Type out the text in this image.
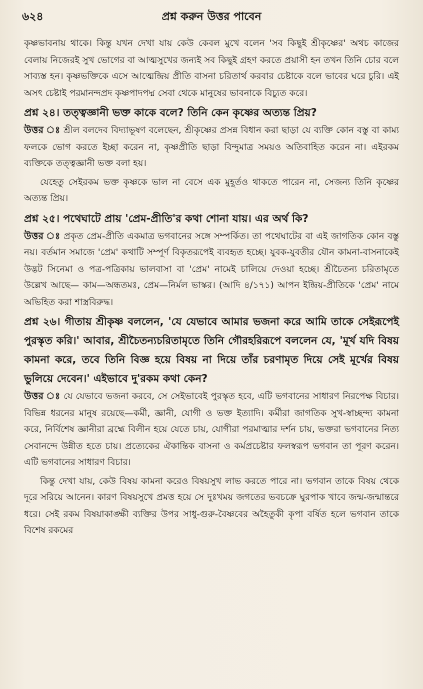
৬২৪	প্রশ্ন করুন উত্তর পাবেন

কৃষ্ণভাবনায় থাকে। কিন্তু যখন দেখা যায় কেউ কেবল মুখে বলেন 'সব কিছুই শ্রীকৃষ্ণের' অথচ কাজের বেলায় নিজেরই সুখ ভোগের বা আত্মসুখের জন্যই সব কিছুই গ্রহণ করতে প্রয়াসী হন তখন তিনি চোর বলে সাব্যস্ত হন। কৃষ্ণভক্তিকে এসে আত্মেন্দ্রিয় প্রীতি বাসনা চরিতার্থ করবার চেষ্টাকে বলে ভাবের ঘরে চুরি। এই অসৎ চেষ্টাই পরমানন্দপ্রদ কৃষ্ণপাদপদ্ম সেবা থেকে মানুষের ভাবনাকে বিচ্যুত করে।

প্রশ্ন ২৪। তত্ত্বজ্ঞানী ভক্ত কাকে বলে? তিনি কেন কৃষ্ণের অত্যন্ত প্রিয়?

উত্তর ঃ শ্রীল বলদেব বিদ্যাভূষণ বলেছেন, শ্রীকৃষ্ণের প্রসন্ন বিধান করা ছাড়া যে ব্যক্তি কোন বস্তু বা কাম্য ফলকে ভোগ করতে ইচ্ছা করেন না, কৃষ্ণপ্রীতি ছাড়া বিন্দুমাত্র সময়ও অতিবাহিত করেন না। এইরকম ব্যক্তিকে তত্ত্বজ্ঞানী ভক্ত বলা হয়।

যেহেতু সেইরকম ভক্ত কৃষ্ণকে ভাল না বেসে এক মুহূর্তও থাকতে পারেন না, সেজন্য তিনি কৃষ্ণের অত্যন্ত প্রিয়।

প্রশ্ন ২৫। পথেঘাটে প্রায় 'প্রেম-প্রীতি'র কথা শোনা যায়। এর অর্থ কি?

উত্তর ঃ প্রকৃত প্রেম-প্রীতি একমাত্র ভগবানের সঙ্গে সম্পর্কিত। তা পথেঘাটের বা এই জাগতিক কোন বস্তু নয়। বর্তমান সমাজে 'প্রেম' কথাটি সম্পূর্ণ বিকৃতরূপেই ব্যবহৃত হচ্ছে। যুবক-যুবতীর যৌন কামনা-বাসনাকেই উদ্ভট সিনেমা ও পত্র-পত্রিকায় ভালবাসা বা 'প্রেম' নামেই চালিয়ে দেওয়া হচ্ছে। শ্রীচৈতন্য চরিতামৃতে উল্লেখ আছে— কাম—অন্ধতমঃ, প্রেম—নির্মল ভাস্কর। (আদি ৪/১৭১) আপন ইন্দ্রিয়-প্রীতিকে 'প্রেম' নামে অভিহিত করা শাস্ত্রবিরুদ্ধ।

প্রশ্ন ২৬। গীতায় শ্রীকৃষ্ণ বললেন, 'যে যেভাবে আমার ভজনা করে আমি তাকে সেইরূপেই পুরস্কৃত করি।' আবার, শ্রীচৈতন্যচরিতামৃতে তিনি গৌরহরিরূপে বললেন যে, 'মূর্খ যদি বিষয় কামনা করে, তবে তিনি বিজ্ঞ হয়ে বিষয় না দিয়ে তাঁর চরণামৃত দিয়ে সেই মূর্খের বিষয় ভুলিয়ে দেবেন।' এইভাবে দু'রকম কথা কেন?

উত্তর ঃ যে যেভাবে ভজনা করবে, সে সেইভাবেই পুরস্কৃত হবে, এটি ভগবানের সাধারণ নিরপেক্ষ বিচার। বিভিন্ন ধরনের মানুষ রয়েছে—কর্মী, জ্ঞানী, যোগী ও ভক্ত ইত্যাদি। কর্মীরা জাগতিক সুখ-স্বাচ্ছন্দ্য কামনা করে, নির্বিশেষ জ্ঞানীরা ব্রহ্মে বিলীন হয়ে যেতে চায়, যোগীরা পরমাত্মার দর্শন চায়, ভক্তরা ভগবানের নিত্য সেবানন্দে উন্নীত হতে চায়। প্রত্যেকের ঐকান্তিক বাসনা ও কর্মপ্রচেষ্টার ফলস্বরূপ ভগবান তা পূরণ করেন। এটি ভগবানের সাধারণ বিচার।

কিন্তু দেখা যায়, কেউ বিষয় কামনা করেও বিষয়সুখ লাভ করতে পারে না। ভগবান তাকে বিষয় থেকে দূরে সরিয়ে আনেন। কারণ বিষয়সুখে প্রমত্ত হয়ে সে দুঃখময় জগতের ভবচক্রে ঘুরপাক খাবে জন্ম-জন্মান্তরে ধরে। সেই রকম বিষয়াকাঙ্ক্ষী ব্যক্তির উপর সাধু-গুরু-বৈষ্ণবের অহৈতুকী কৃপা বর্ষিত হলে ভগবান তাকে বিশেষ রকমের
